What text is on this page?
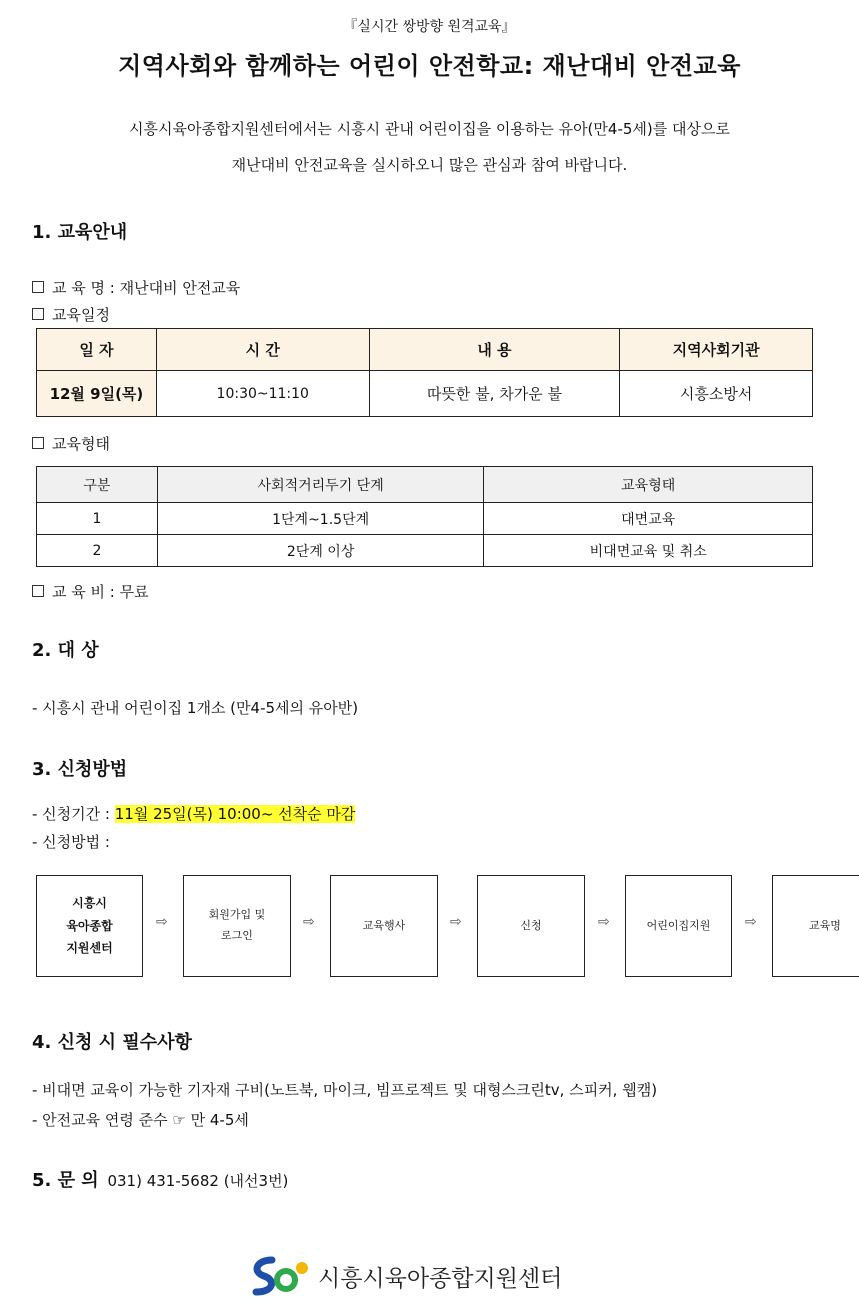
『실시간 쌍방향 원격교육』
지역사회와 함께하는 어린이 안전학교: 재난대비 안전교육
시흥시육아종합지원센터에서는 시흥시 관내 어린이집을 이용하는 유아(만4-5세)를 대상으로
재난대비 안전교육을 실시하오니 많은 관심과 참여 바랍니다.
1. 교육안내
교 육 명 : 재난대비 안전교육
교육일정
일 자	시 간	내 용	지역사회기관
12월 9일(목)	10:30~11:10	따뜻한 불, 차가운 불	시흥소방서
교육형태
구분	사회적거리두기 단계	교육형태
1	1단계~1.5단계	대면교육
2	2단계 이상	비대면교육 및 취소
교 육 비 : 무료
2. 대 상
- 시흥시 관내 어린이집 1개소 (만4-5세의 유아반)
3. 신청방법
- 신청기간 : 11월 25일(목) 10:00~ 선착순 마감
- 신청방법 :
시흥시
육아종합
지원센터
⇨	회원가입 및
로그인
⇨	교육행사	⇨	신청	⇨	어린이집지원 ⇨	교육명
4. 신청 시 필수사항
- 비대면 교육이 가능한 기자재 구비(노트북, 마이크, 빔프로젝트 및 대형스크린tv, 스피커, 웹캠)
- 안전교육 연령 준수 ☞ 만 4-5세
5. 문 의 031) 431-5682 (내선3번)
시흥시육아종합지원센터
